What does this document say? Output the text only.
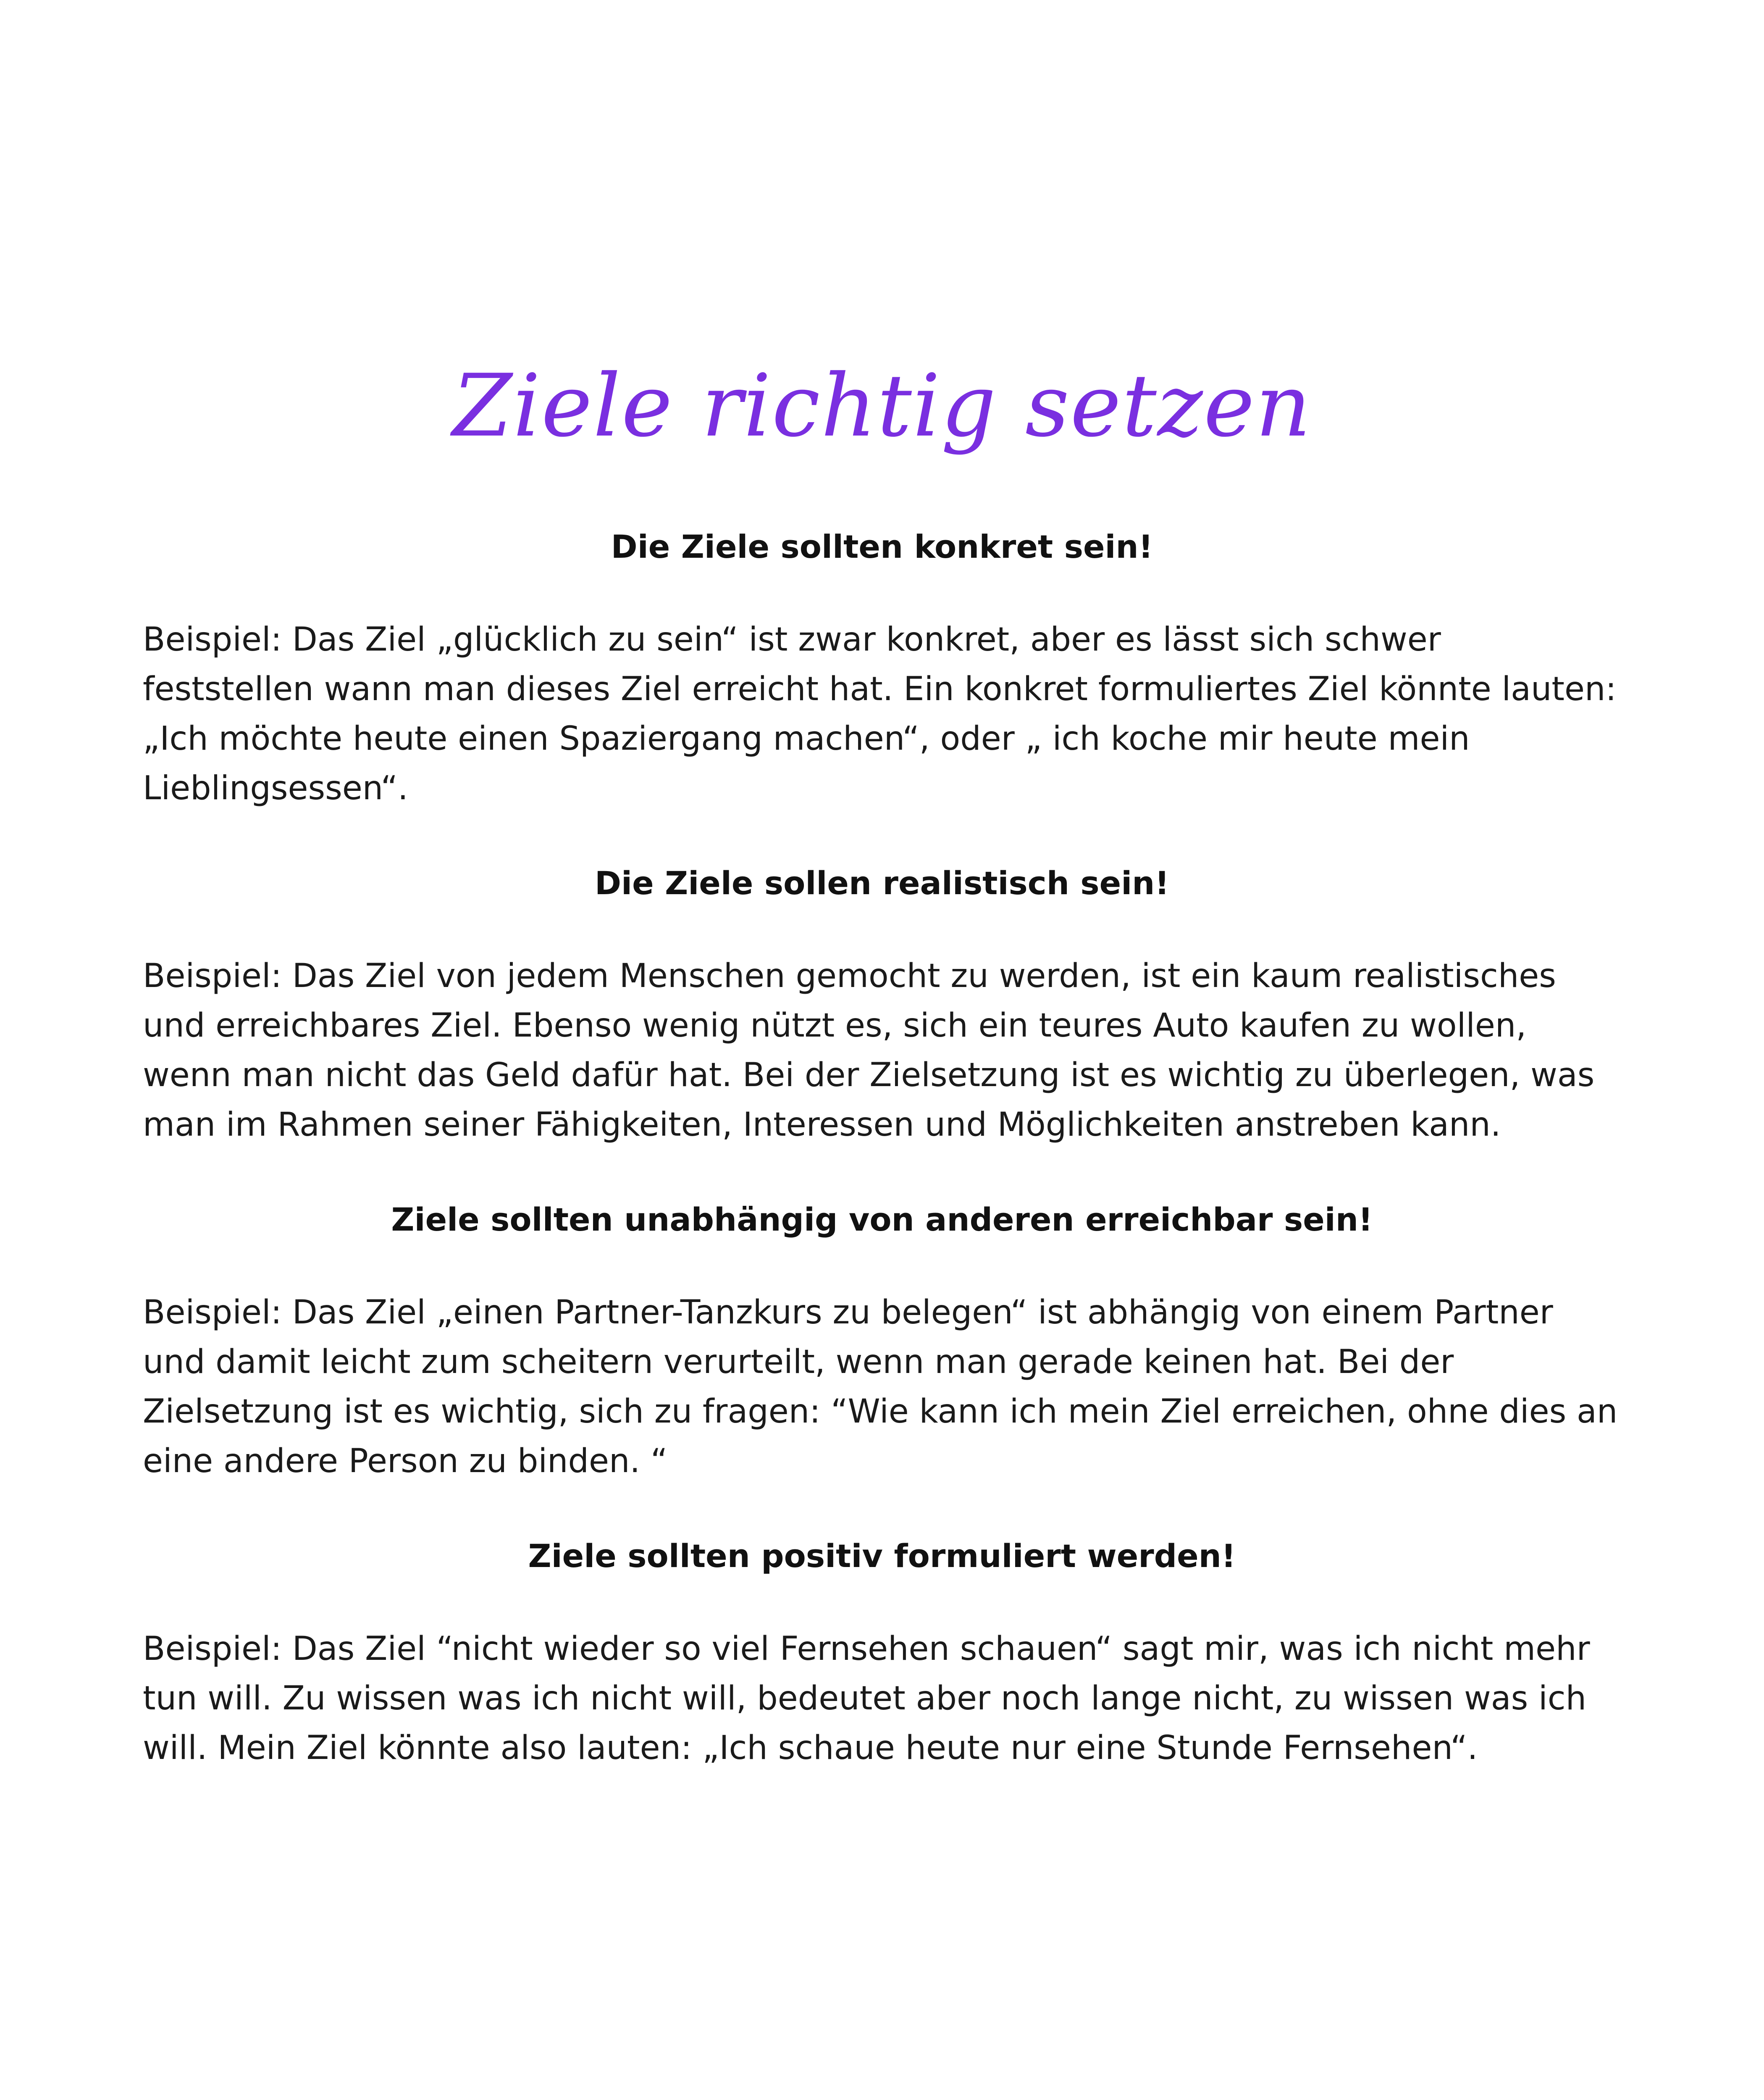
Ziele richtig setzen
Die Ziele sollten konkret sein!

Beispiel: Das Ziel „glücklich zu sein“ ist zwar konkret, aber es lässt sich schwer feststellen wann man dieses Ziel erreicht hat. Ein konkret formuliertes Ziel könnte lauten: „Ich möchte heute einen Spaziergang machen“, oder „ ich koche mir heute mein Lieblingsessen“.

Die Ziele sollen realistisch sein!

Beispiel: Das Ziel von jedem Menschen gemocht zu werden, ist ein kaum realistisches und erreichbares Ziel. Ebenso wenig nützt es, sich ein teures Auto kaufen zu wollen, wenn man nicht das Geld dafür hat. Bei der Zielsetzung ist es wichtig zu überlegen, was man im Rahmen seiner Fähigkeiten, Interessen und Möglichkeiten anstreben kann.

Ziele sollten unabhängig von anderen erreichbar sein!

Beispiel: Das Ziel „einen Partner-Tanzkurs zu belegen“ ist abhängig von einem Partner und damit leicht zum scheitern verurteilt, wenn man gerade keinen hat. Bei der Zielsetzung ist es wichtig, sich zu fragen: “Wie kann ich mein Ziel erreichen, ohne dies an eine andere Person zu binden. “

Ziele sollten positiv formuliert werden!

Beispiel: Das Ziel “nicht wieder so viel Fernsehen schauen“ sagt mir, was ich nicht mehr tun will. Zu wissen was ich nicht will, bedeutet aber noch lange nicht, zu wissen was ich will. Mein Ziel könnte also lauten: „Ich schaue heute nur eine Stunde Fernsehen“.
